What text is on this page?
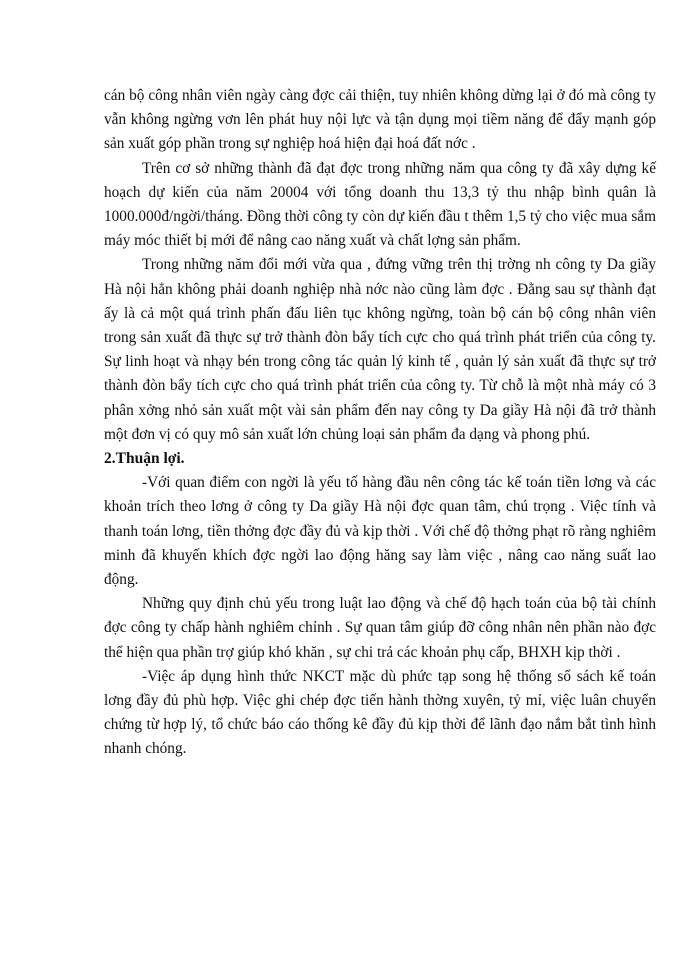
cán bộ công nhân viên ngày càng đợc cải thiện, tuy nhiên không dừng lại ở đó mà công ty vẫn không ngừng vơn lên phát huy nội lực và tận dụng mọi tiềm năng để đẩy mạnh góp sản xuất góp phần trong sự nghiệp hoá hiện đại hoá đất nớc .

Trên cơ sở những thành đã đạt đợc trong những năm qua công ty đã xây dựng kế hoạch dự kiến của năm 20004 với tổng doanh thu 13,3 tỷ thu nhập bình quân là 1000.000đ/ngời/tháng. Đồng thời công ty còn dự kiến đầu t thêm 1,5 tỷ cho việc mua sắm máy móc thiết bị mới để nâng cao năng xuất và chất lợng sản phẩm.

Trong những năm đổi mới vừa qua , đứng vững trên thị trờng nh công ty Da giầy Hà nội hẳn không phải doanh nghiệp nhà nớc nào cũng làm đợc . Đằng sau sự thành đạt ấy là cả một quá trình phấn đấu liên tục không ngừng, toàn bộ cán bộ công nhân viên trong sản xuất đã thực sự trở thành đòn bẩy tích cực cho quá trình phát triển của công ty. Sự linh hoạt và nhạy bén trong công tác quản lý kinh tế , quản lý sản xuất đã thực sự trở thành đòn bẩy tích cực cho quá trình phát triển của công ty. Từ chỗ là một nhà máy có 3 phân xởng nhỏ sản xuất một vài sản phẩm đến nay công ty Da giầy Hà nội đã trở thành một đơn vị có quy mô sản xuất lớn chủng loại sản phẩm đa dạng và phong phú.

2.Thuận lợi.

-Với quan điểm con ngời là yếu tố hàng đầu nên công tác kế toán tiền lơng và các khoản trích theo lơng ở công ty Da giầy Hà nội đợc quan tâm, chú trọng . Việc tính và thanh toán lơng, tiền thởng đợc đầy đủ và kịp thời . Với chế độ thởng phạt rõ ràng nghiêm minh đã khuyến khích đợc ngời lao động hăng say làm việc , nâng cao năng suất lao động.

Những quy định chủ yếu trong luật lao động và chế độ hạch toán của bộ tài chính đợc công ty chấp hành nghiêm chỉnh . Sự quan tâm giúp đỡ công nhân nên phần nào đợc thể hiện qua phần trợ giúp khó khăn , sự chi trả các khoản phụ cấp, BHXH kịp thời .

-Việc áp dụng hình thức NKCT mặc dù phức tạp song hệ thống sổ sách kế toán lơng đầy đủ phù hợp. Việc ghi chép đợc tiến hành thờng xuyên, tỷ mỉ, việc luân chuyển chứng từ hợp lý, tổ chức báo cáo thống kê đầy đủ kịp thời để lãnh đạo nắm bắt tình hình nhanh chóng.
